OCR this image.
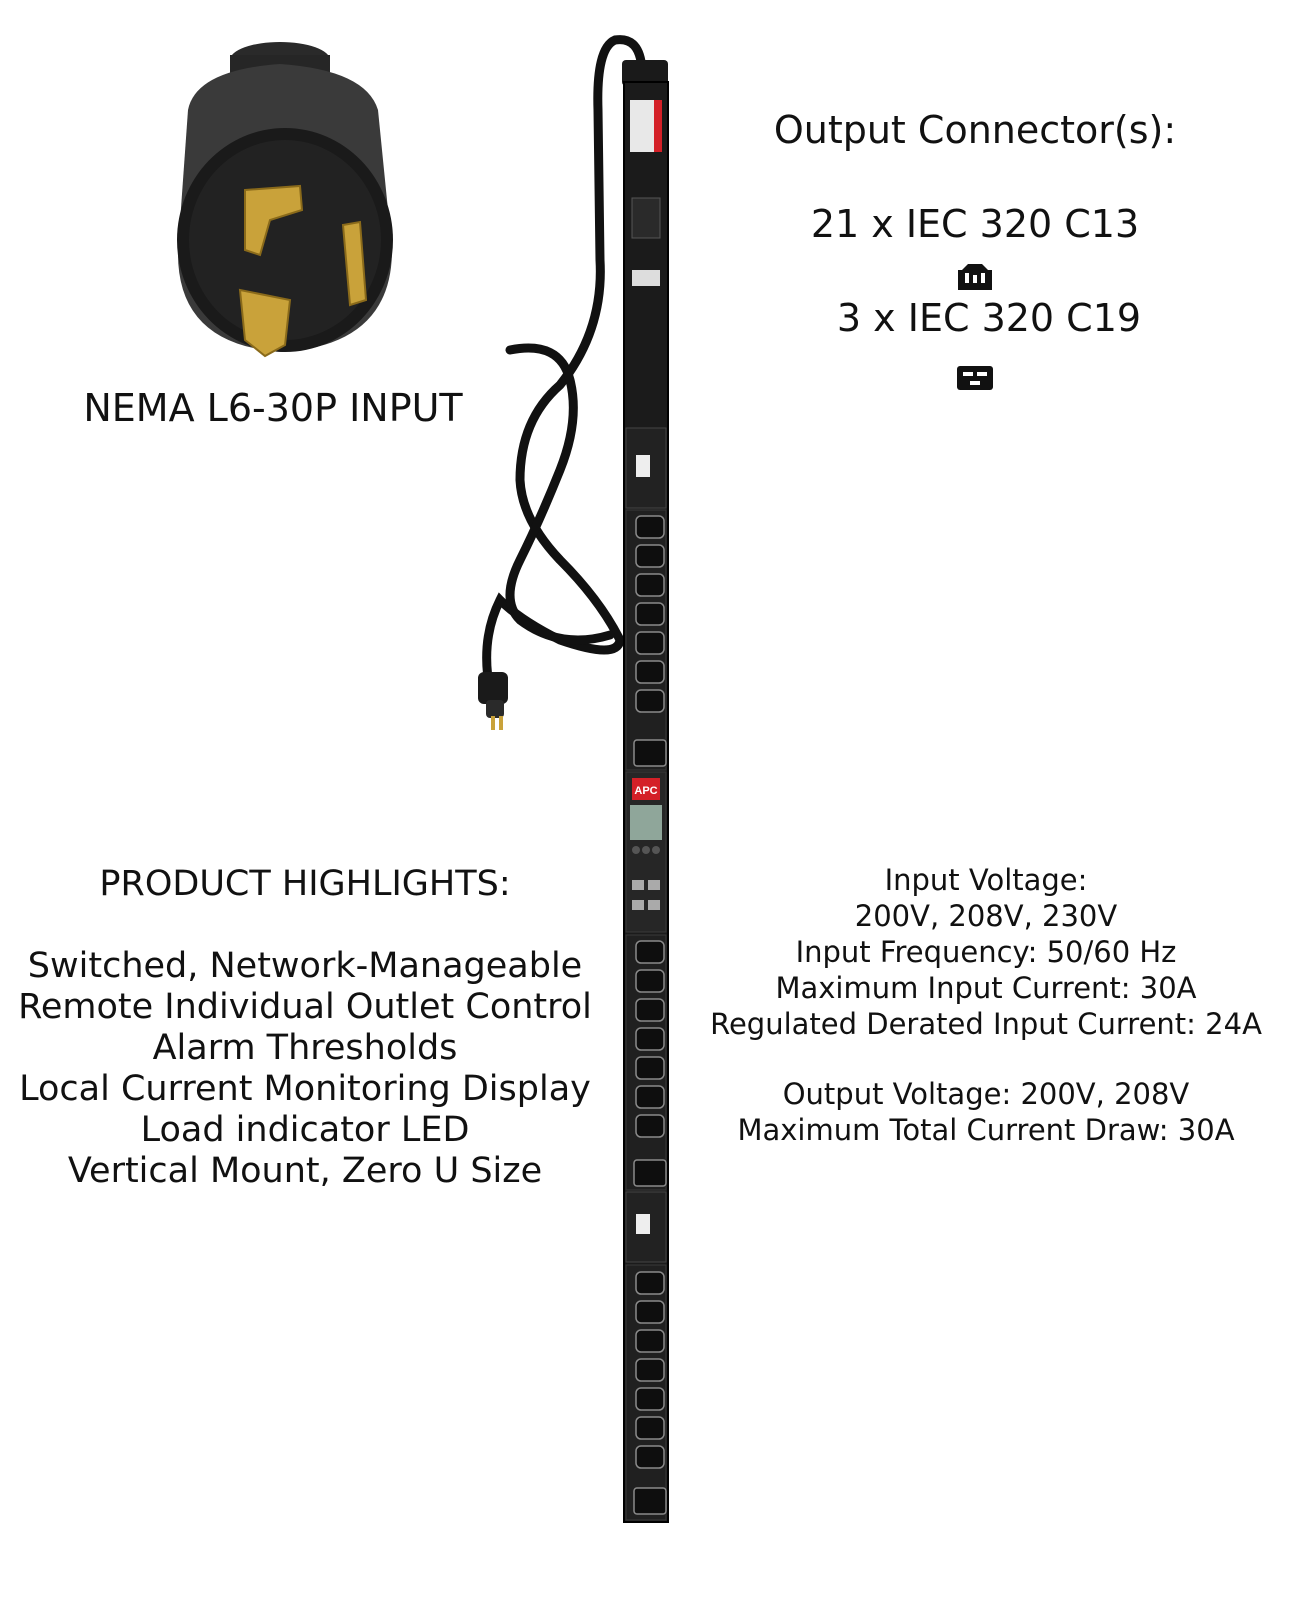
APC
NEMA L6-30P INPUT
Output Connector(s):
21 x IEC 320 C13
3 x IEC 320 C19
PRODUCT HIGHLIGHTS:
Switched, Network-Manageable
Remote Individual Outlet Control
Alarm Thresholds
Local Current Monitoring Display
Load indicator LED
Vertical Mount, Zero U Size
Input Voltage:
200V, 208V, 230V
Input Frequency: 50/60 Hz
Maximum Input Current: 30A
Regulated Derated Input Current: 24A
Output Voltage: 200V, 208V
Maximum Total Current Draw: 30A
